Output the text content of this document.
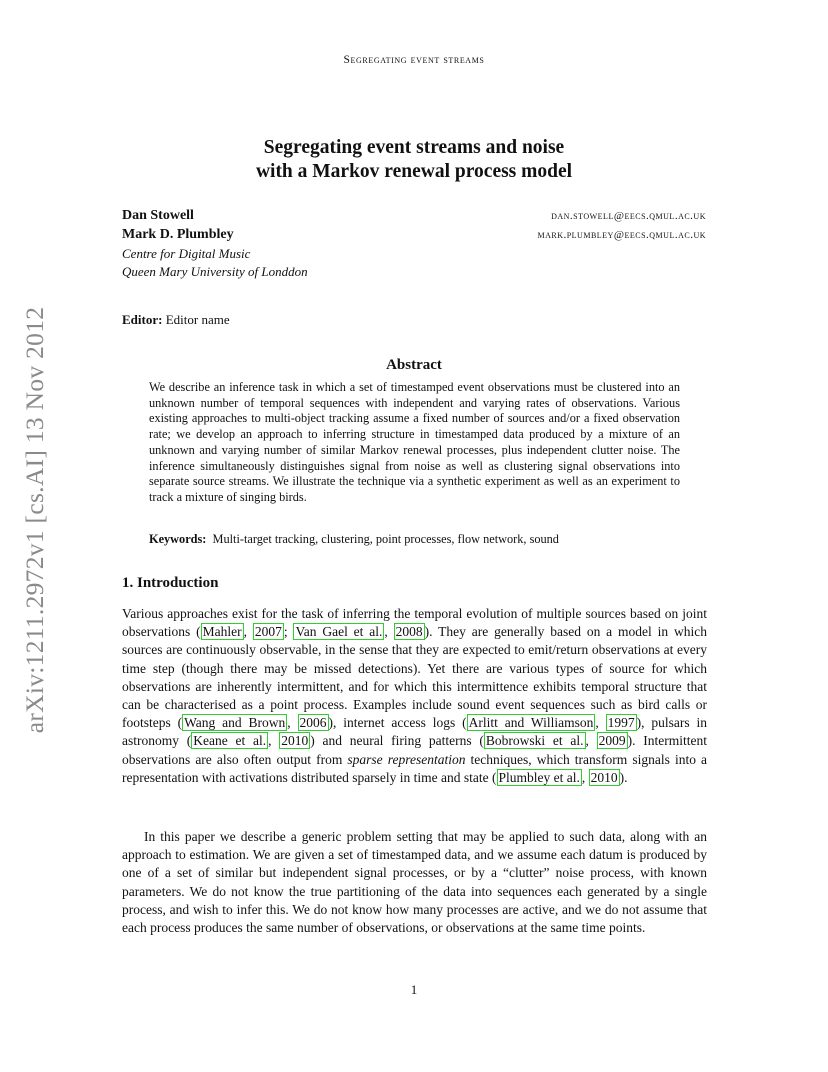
arXiv:1211.2972v1 [cs.AI] 13 Nov 2012
Segregating event streams
Segregating event streams and noise
with a Markov renewal process model
Dan Stowell	dan.stowell@eecs.qmul.ac.uk
Mark D. Plumbley	mark.plumbley@eecs.qmul.ac.uk
Centre for Digital Music
Queen Mary University of Londdon
Editor: Editor name
Abstract

We describe an inference task in which a set of timestamped event observations must be clustered into an unknown number of temporal sequences with independent and varying rates of observations. Various existing approaches to multi-object tracking assume a fixed number of sources and/or a fixed observation rate; we develop an approach to inferring structure in timestamped data produced by a mixture of an unknown and varying number of similar Markov renewal processes, plus independent clutter noise. The inference simultaneously distinguishes signal from noise as well as clustering signal observations into separate source streams. We illustrate the technique via a synthetic experiment as well as an experiment to track a mixture of singing birds.

Keywords: Multi-target tracking, clustering, point processes, flow network, sound
1. Introduction

Various approaches exist for the task of inferring the temporal evolution of multiple sources based on joint observations ( Mahler , 2007 ; Van Gael et al. , 2008 ). They are generally based on a model in which sources are continuously observable, in the sense that they are expected to emit/return observations at every time step (though there may be missed detections). Yet there are various types of source for which observations are inherently intermittent, and for which this intermittence exhibits temporal structure that can be characterised as a point process. Examples include sound event sequences such as bird calls or footsteps ( Wang and Brown , 2006 ), internet access logs ( Arlitt and Williamson , 1997 ), pulsars in astronomy ( Keane et al. , 2010 ) and neural firing patterns ( Bobrowski et al. , 2009 ). Intermittent observations are also often output from sparse representation techniques, which transform signals into a representation with activations distributed sparsely in time and state ( Plumbley et al. , 2010 ).

In this paper we describe a generic problem setting that may be applied to such data, along with an approach to estimation. We are given a set of timestamped data, and we assume each datum is produced by one of a set of similar but independent signal processes, or by a “clutter” noise process, with known parameters. We do not know the true partitioning of the data into sequences each generated by a single process, and wish to infer this. We do not know how many processes are active, and we do not assume that each process produces the same number of observations, or observations at the same time points.

1
